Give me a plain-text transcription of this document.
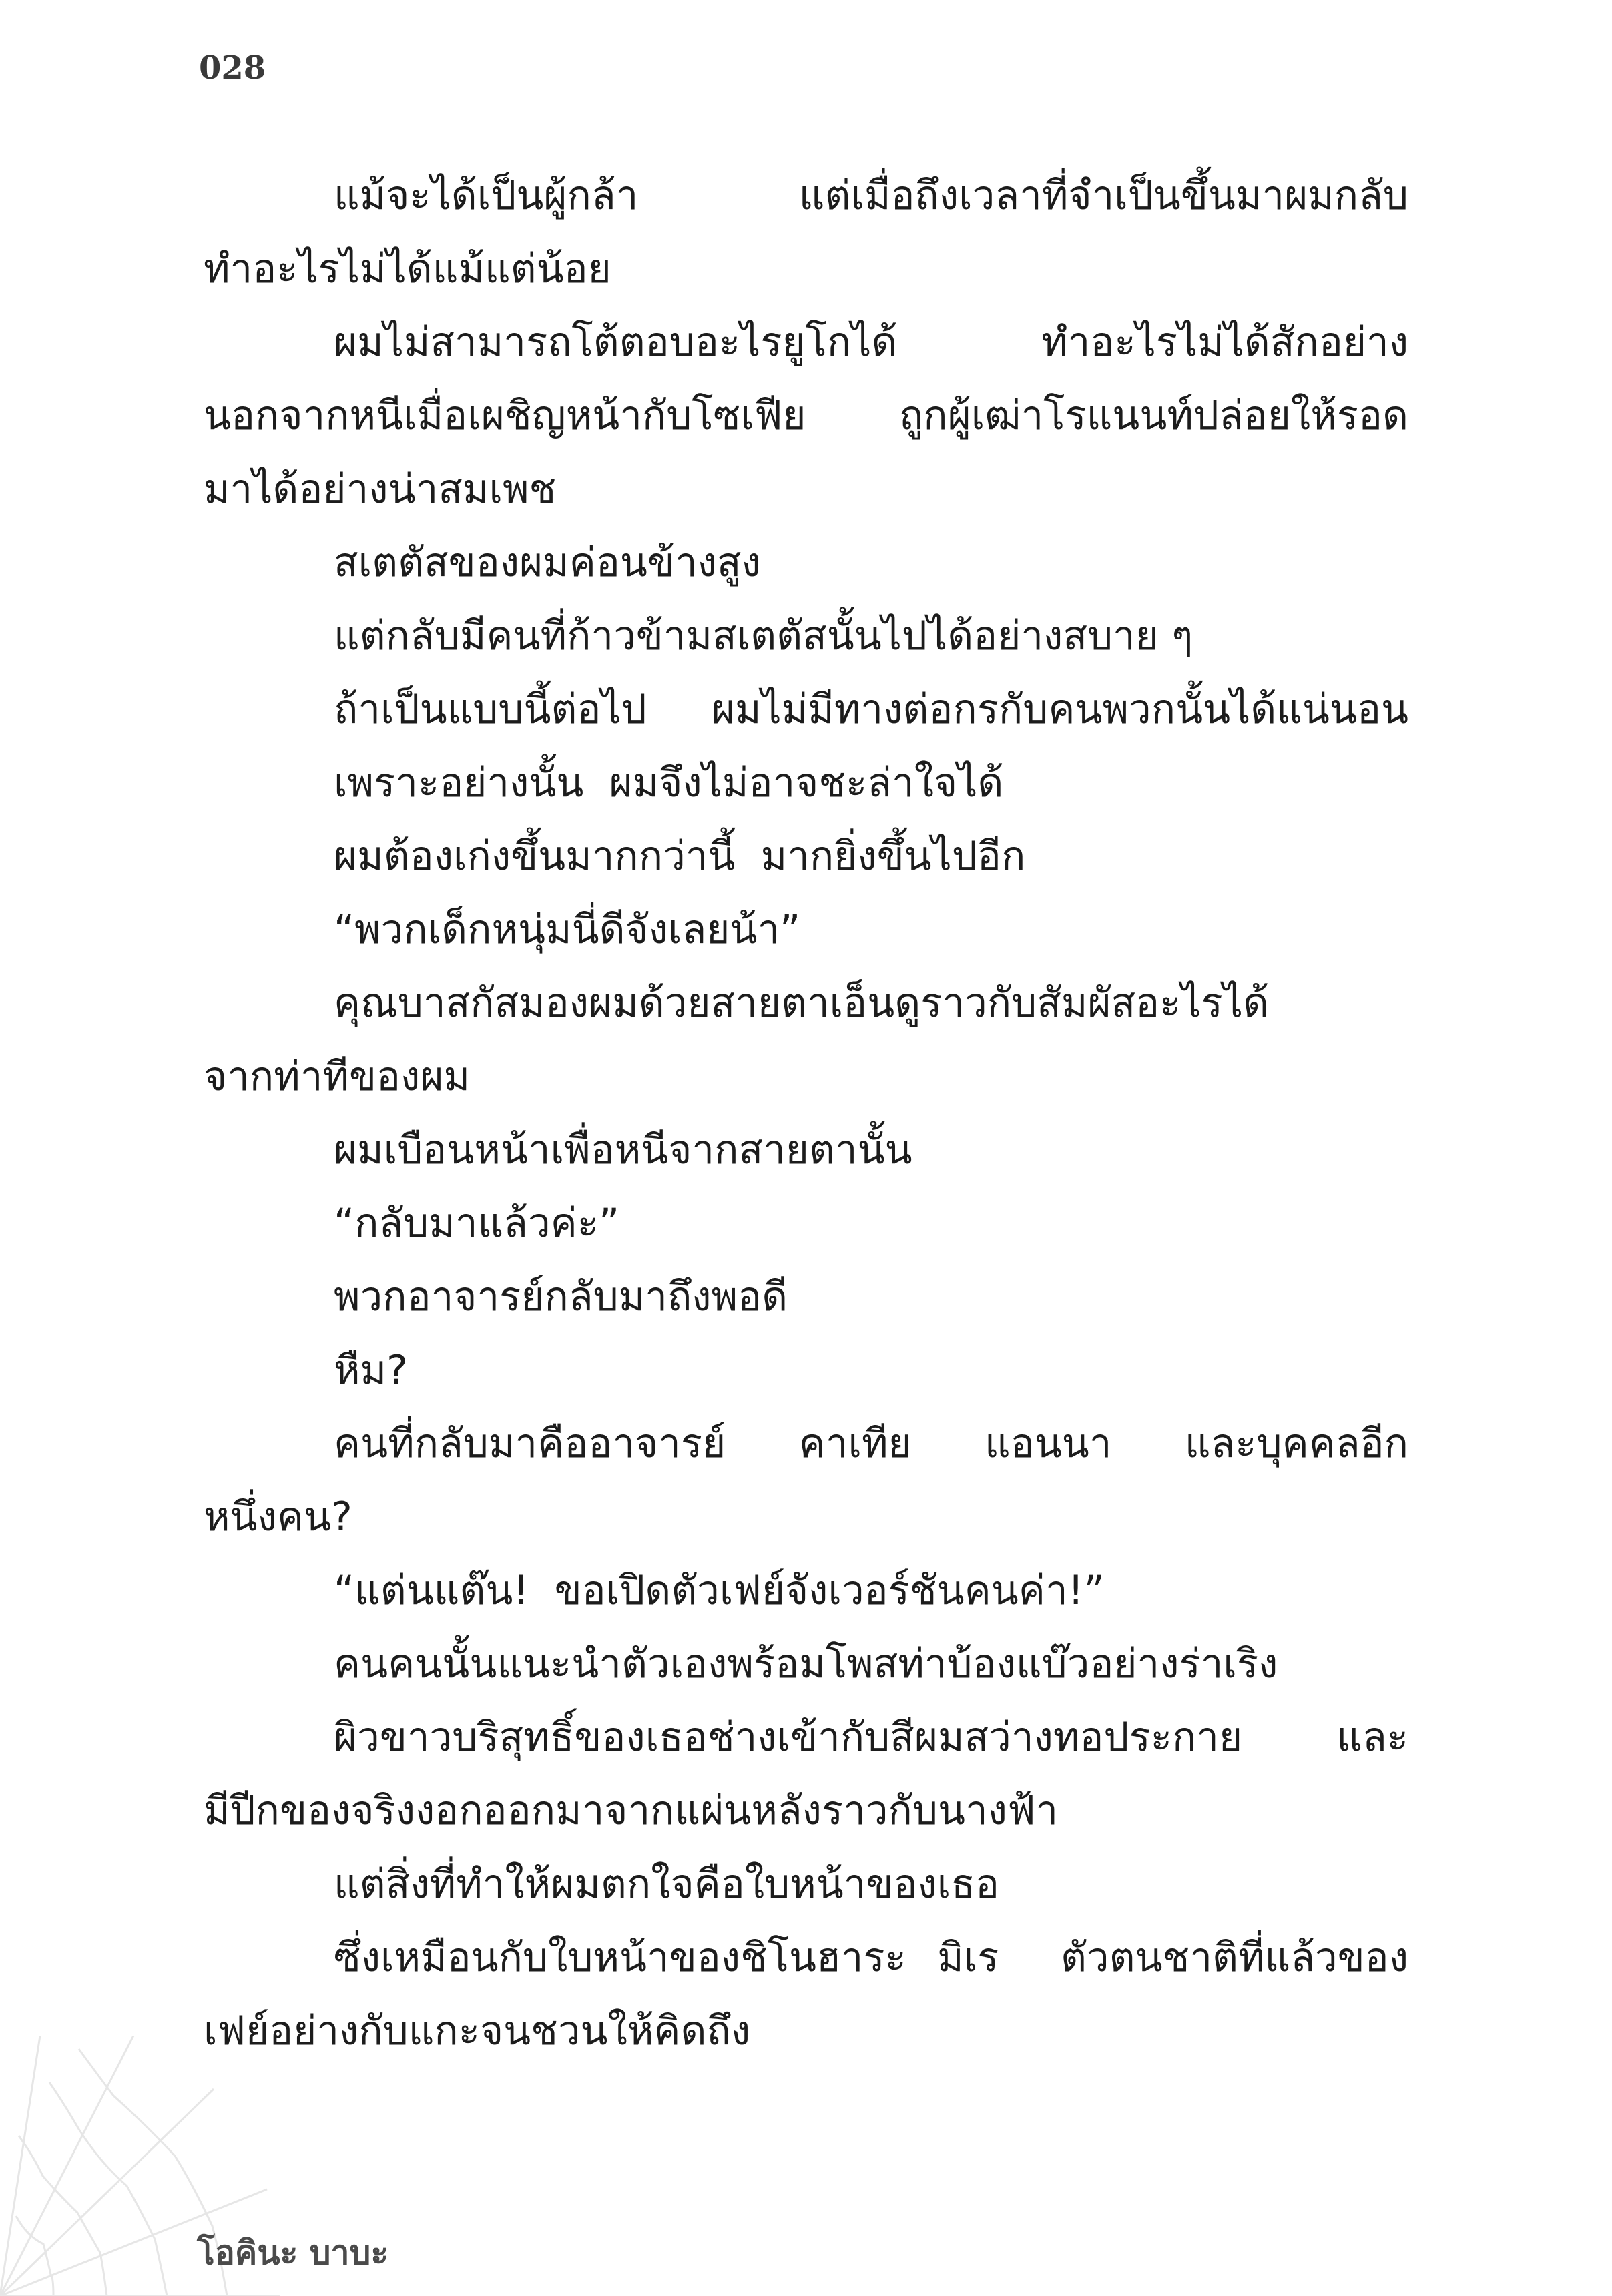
028
แม้จะได้เป็นผู้กล้า  แต่เมื่อถึงเวลาที่จำเป็นขึ้นมาผมกลับ
ทำอะไรไม่ได้แม้แต่น้อย
ผมไม่สามารถโต้ตอบอะไรยูโกได้  ทำอะไรไม่ได้สักอย่าง
นอกจากหนีเมื่อเผชิญหน้ากับโซเฟีย  ถูกผู้เฒ่าโรแนนท์ปล่อยให้รอด
มาได้อย่างน่าสมเพช
สเตตัสของผมค่อนข้างสูง
แต่กลับมีคนที่ก้าวข้ามสเตตัสนั้นไปได้อย่างสบาย ๆ
ถ้าเป็นแบบนี้ต่อไป  ผมไม่มีทางต่อกรกับคนพวกนั้นได้แน่นอน
เพราะอย่างนั้น  ผมจึงไม่อาจชะล่าใจได้
ผมต้องเก่งขึ้นมากกว่านี้  มากยิ่งขึ้นไปอีก
“พวกเด็กหนุ่มนี่ดีจังเลยน้า”
คุณบาสกัสมองผมด้วยสายตาเอ็นดูราวกับสัมผัสอะไรได้
จากท่าทีของผม
ผมเบือนหน้าเพื่อหนีจากสายตานั้น
“กลับมาแล้วค่ะ”
พวกอาจารย์กลับมาถึงพอดี
หืม?
คนที่กลับมาคืออาจารย์  คาเทีย  แอนนา  และบุคคลอีก
หนึ่งคน?
“แต่นแต๊น!  ขอเปิดตัวเฟย์จังเวอร์ชันคนค่า!”
คนคนนั้นแนะนำตัวเองพร้อมโพสท่าบ้องแบ๊วอย่างร่าเริง
ผิวขาวบริสุทธิ์ของเธอช่างเข้ากับสีผมสว่างทอประกาย  และ
มีปีกของจริงงอกออกมาจากแผ่นหลังราวกับนางฟ้า
แต่สิ่งที่ทำให้ผมตกใจคือใบหน้าของเธอ
ซึ่งเหมือนกับใบหน้าของชิโนฮาระ มิเร  ตัวตนชาติที่แล้วของ
เฟย์อย่างกับแกะจนชวนให้คิดถึง
โอคินะ บาบะ
